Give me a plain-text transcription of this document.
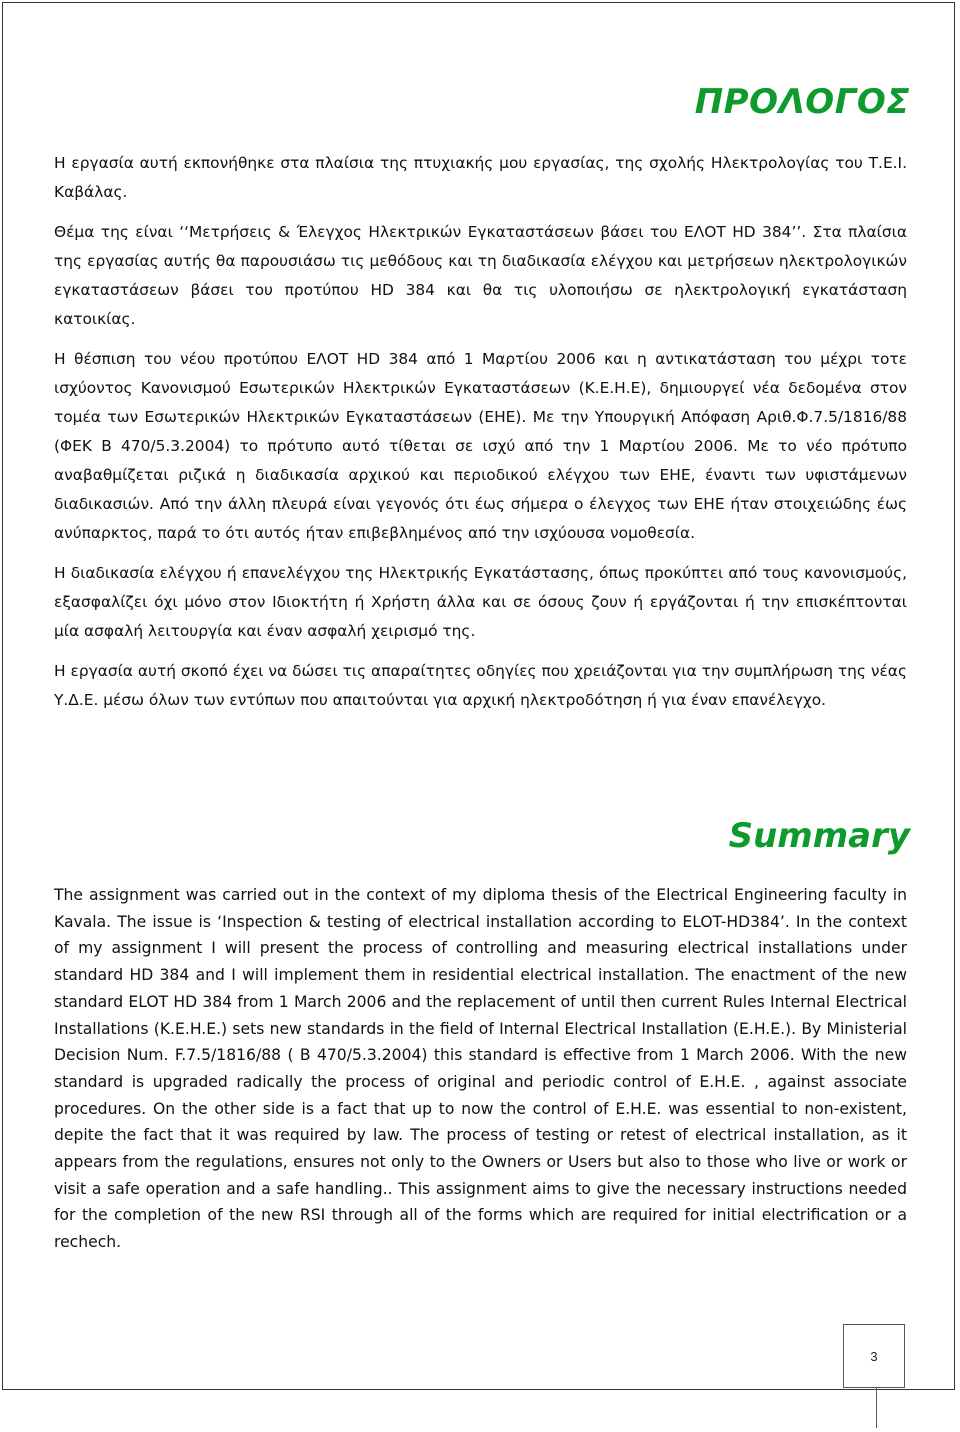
ΠΡΟΛΟΓΟΣ

Η εργασία αυτή εκπονήθηκε στα πλαίσια της πτυχιακής μου εργασίας, της σχολής Ηλεκτρολογίας του Τ.Ε.Ι. Καβάλας.

Θέμα της είναι ‘‘Μετρήσεις & Έλεγχος Ηλεκτρικών Εγκαταστάσεων βάσει του ΕΛΟΤ HD 384’’. Στα πλαίσια της εργασίας αυτής θα παρουσιάσω τις μεθόδους και τη διαδικασία ελέγχου και μετρήσεων ηλεκτρολογικών εγκαταστάσεων βάσει του προτύπου HD 384 και θα τις υλοποιήσω σε ηλεκτρολογική εγκατάσταση κατοικίας.

Η θέσπιση του νέου προτύπου ΕΛΟΤ HD 384 από 1 Μαρτίου 2006 και η αντικατάσταση του μέχρι τοτε ισχύοντος Κανονισμού Εσωτερικών Ηλεκτρικών Εγκαταστάσεων (Κ.Ε.Η.Ε), δημιουργεί νέα δεδομένα στον τομέα των Εσωτερικών Ηλεκτρικών Εγκαταστάσεων (ΕΗΕ). Με την Υπουργική Απόφαση Αριθ.Φ.7.5/1816/88 (ΦΕΚ Β 470/5.3.2004) το πρότυπο αυτό τίθεται σε ισχύ από την 1 Μαρτίου 2006. Με το νέο πρότυπο αναβαθμίζεται ριζικά η διαδικασία αρχικού και περιοδικού ελέγχου των ΕΗΕ, έναντι των υφιστάμενων διαδικασιών. Από την άλλη πλευρά είναι γεγονός ότι έως σήμερα ο έλεγχος των ΕΗΕ ήταν στοιχειώδης έως ανύπαρκτος, παρά το ότι αυτός ήταν επιβεβλημένος από την ισχύουσα νομοθεσία.

Η διαδικασία ελέγχου ή επανελέγχου της Ηλεκτρικής Εγκατάστασης, όπως προκύπτει από τους κανονισμούς, εξασφαλίζει όχι μόνο στον Ιδιοκτήτη ή Χρήστη άλλα και σε όσους ζουν ή εργάζονται ή την επισκέπτονται μία ασφαλή λειτουργία και έναν ασφαλή χειρισμό της.

Η εργασία αυτή σκοπό έχει να δώσει τις απαραίτητες οδηγίες που χρειάζονται για την συμπλήρωση της νέας Υ.Δ.Ε. μέσω όλων των εντύπων που απαιτούνται για αρχική ηλεκτροδότηση ή για έναν επανέλεγχο.

Summary

The assignment was carried out in the context of my diploma thesis of the Electrical Engineering faculty in Kavala. The issue is ‘Inspection & testing of electrical installation according to ELOT-HD384’. In the context of my assignment I will present the process of controlling and measuring electrical installations under standard HD 384 and I will implement them in residential electrical installation. The enactment of the new standard ELOT HD 384 from 1 March 2006 and the replacement of until then current Rules Internal Electrical Installations (K.E.H.E.) sets new standards in the field of Internal Electrical Installation (E.H.E.). By Ministerial Decision Num. F.7.5/1816/88 ( B 470/5.3.2004) this standard is effective from 1 March 2006. With the new standard is upgraded radically the process of original and periodic control of E.H.E. , against associate procedures. On the other side is a fact that up to now the control of E.H.E. was essential to non-existent, depite the fact that it was required by law. The process of testing or retest of electrical installation, as it appears from the regulations, ensures not only to the Owners or Users but also to those who live or work or visit a safe operation and a safe handling.. This assignment aims to give the necessary instructions needed for the completion of the new RSI through all of the forms which are required for initial electrification or a rechech.

3
